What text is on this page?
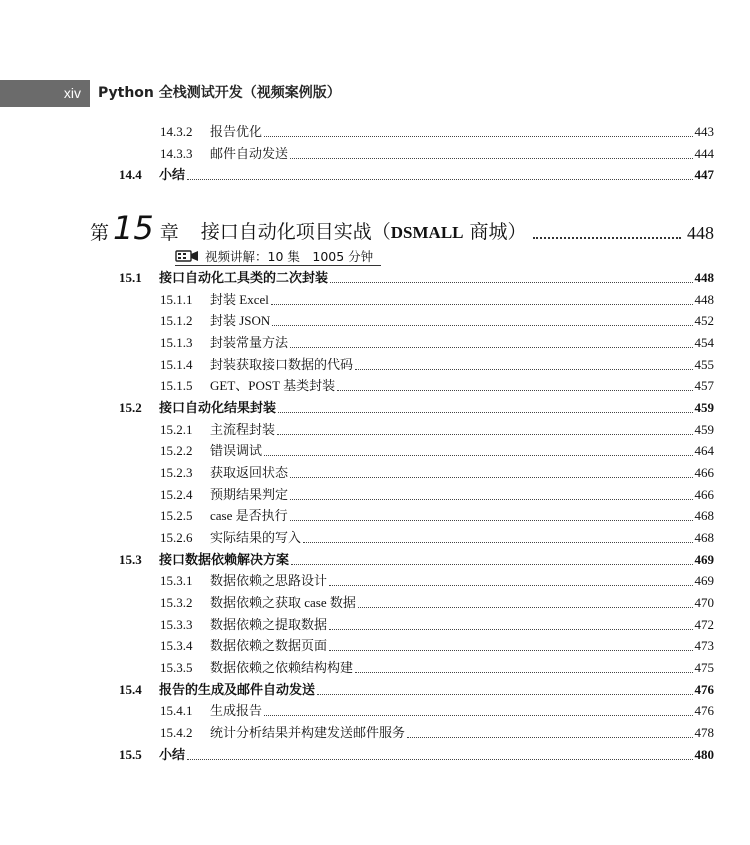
xiv	Python 全栈测试开发（视频案例版）
14.3.2	报告优化	443
14.3.3	邮件自动发送	444
14.4	小结	447
第 15 章 接口自动化项目实战（DSMALL 商城）	448
视频讲解：10 集　1005 分钟
15.1	接口自动化工具类的二次封装	448
15.1.1	封装 Excel	448
15.1.2	封装 JSON	452
15.1.3	封装常量方法	454
15.1.4	封装获取接口数据的代码	455
15.1.5	GET、POST 基类封装	457
15.2	接口自动化结果封装	459
15.2.1	主流程封装	459
15.2.2	错误调试	464
15.2.3	获取返回状态	466
15.2.4	预期结果判定	466
15.2.5	case 是否执行	468
15.2.6	实际结果的写入	468
15.3	接口数据依赖解决方案	469
15.3.1	数据依赖之思路设计	469
15.3.2	数据依赖之获取 case 数据	470
15.3.3	数据依赖之提取数据	472
15.3.4	数据依赖之数据页面	473
15.3.5	数据依赖之依赖结构构建	475
15.4	报告的生成及邮件自动发送	476
15.4.1	生成报告	476
15.4.2	统计分析结果并构建发送邮件服务	478
15.5	小结	480
